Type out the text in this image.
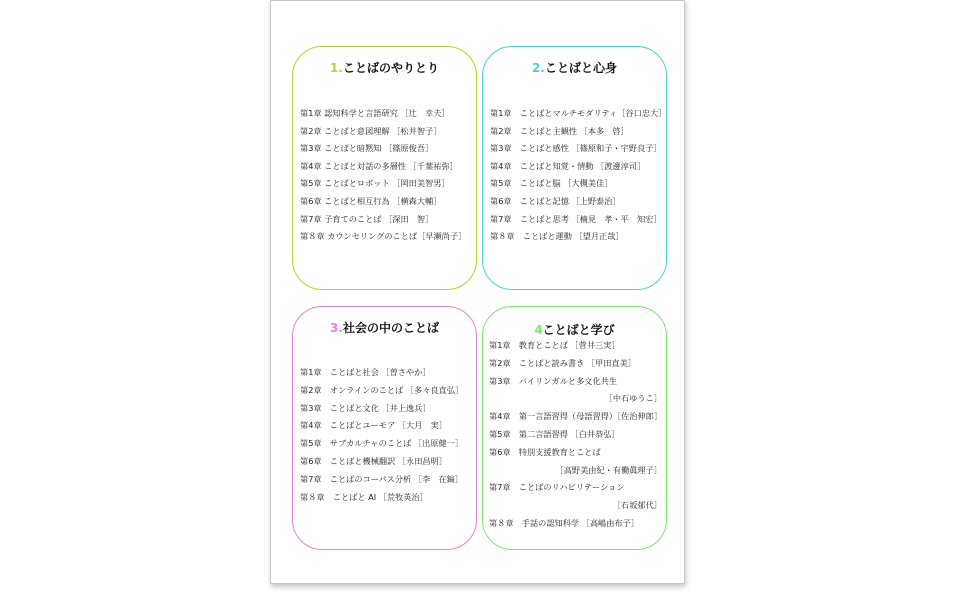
1.ことばのやりとり
第1章 認知科学と言語研究 ［辻　幸夫］
第2章 ことばと意図理解 ［松井智子］
第3章 ことばと暗黙知 ［篠原俊吾］
第4章 ことばと対話の多層性 ［千葉祐弥］
第5章 ことばとロボット ［岡田美智男］
第6章 ことばと相互行為 ［横森大輔］
第7章 子育てのことば ［深田　智］
第８章 カウンセリングのことば［早瀬尚子］
2.ことばと心身
第1章　ことばとマルチモダリティ［谷口忠大］
第2章　ことばと主観性 ［本多　啓］
第3章　ことばと感性 ［篠原和子・宇野良子］
第4章　ことばと知覚・情動 ［渡邊淳司］
第5章　ことばと脳 ［大槻美佳］
第6章　ことばと記憶 ［上野泰治］
第7章　ことばと思考 ［楠見　孝・平　知宏］
第８章　ことばと運動 ［望月正哉］
3.社会の中のことば
第1章　ことばと社会 ［曽さやか］
第2章　オンラインのことば ［多々良直弘］
第3章　ことばと文化 ［井上逸兵］
第4章　ことばとユーモア ［大月　実］
第5章　サブカルチャのことば ［出原健一］
第6章　ことばと機械翻訳 ［永田昌明］
第7章　ことばのコーパス分析 ［李　在鎬］
第８章　ことばと AI ［荒牧英治］
4ことばと学び
第1章　教育とことば ［菅井三実］
第2章　ことばと読み書き ［甲田直美］
第3章　バイリンガルと多文化共生
［中石ゆうこ］
第4章　第一言語習得（母語習得）［佐治伸郎］
第5章　第二言語習得 ［白井恭弘］
第6章　特別支援教育とことば
［高野美由紀・有働眞理子］
第7章　ことばのリハビリテーション
［石坂郁代］
第８章　手話の認知科学 ［高嶋由布子］
